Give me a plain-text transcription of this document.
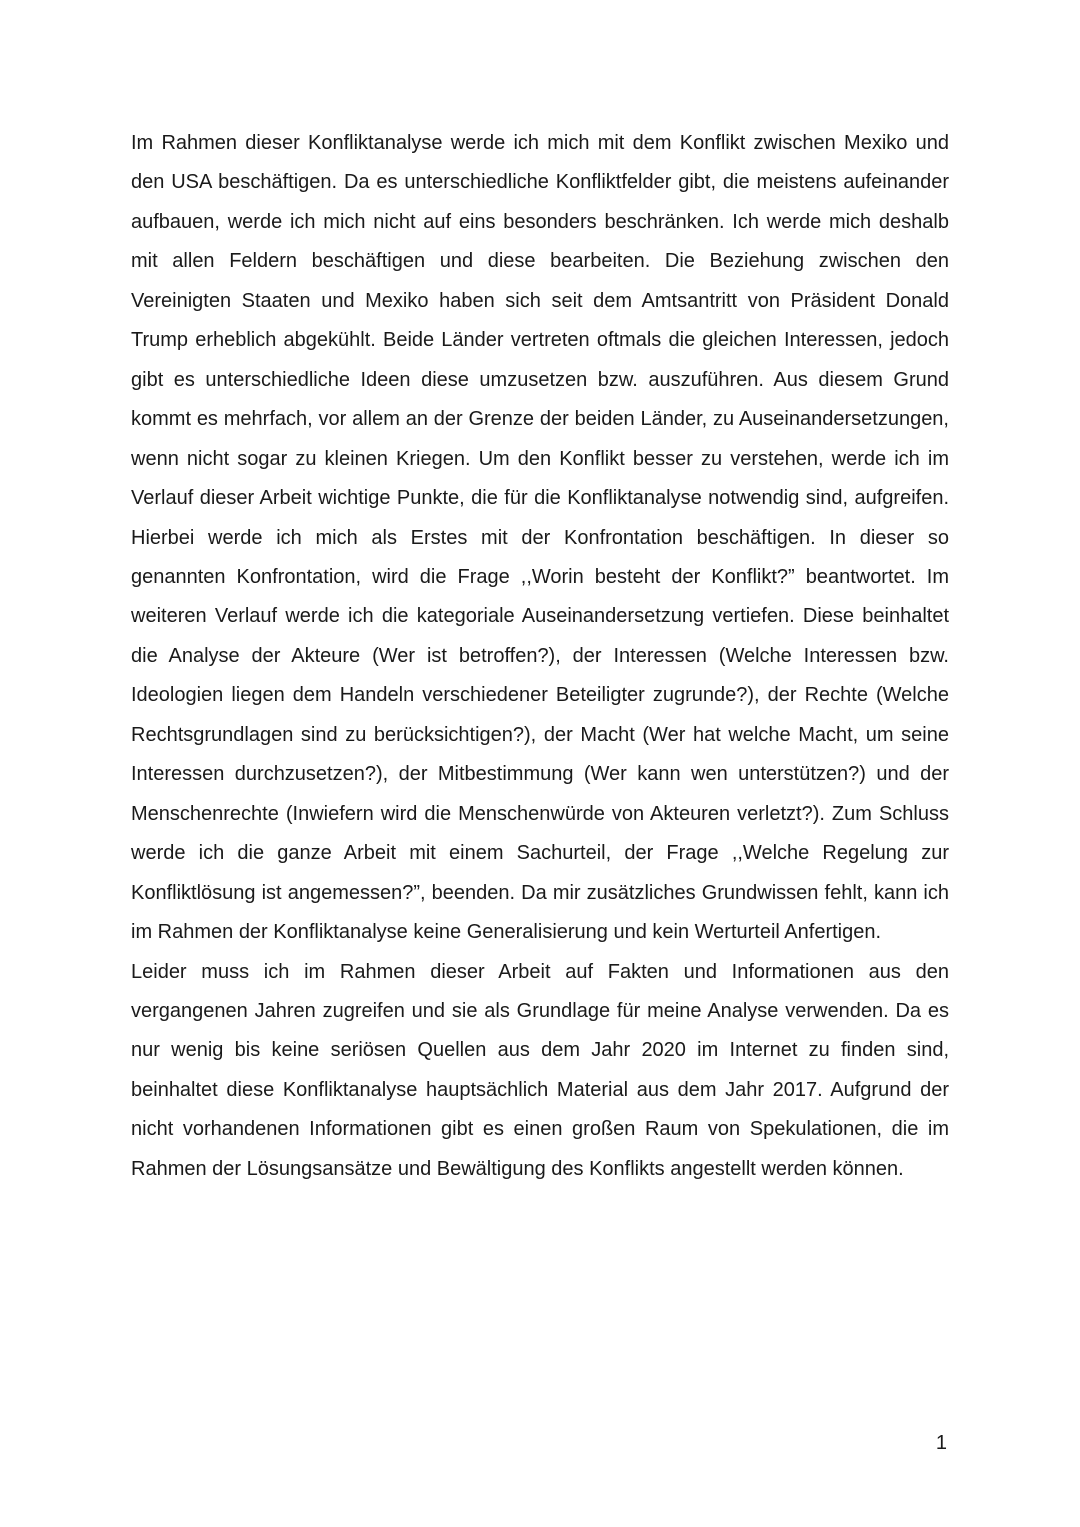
Im Rahmen dieser Konfliktanalyse werde ich mich mit dem Konflikt zwischen Mexiko und den USA beschäftigen. Da es unterschiedliche Konfliktfelder gibt, die meistens aufeinander aufbauen, werde ich mich nicht auf eins besonders beschränken. Ich werde mich deshalb mit allen Feldern beschäftigen und diese bearbeiten. Die Beziehung zwischen den Vereinigten Staaten und Mexiko haben sich seit dem Amtsantritt von Präsident Donald Trump erheblich abgekühlt. Beide Länder vertreten oftmals die gleichen Interessen, jedoch gibt es unterschiedliche Ideen diese umzusetzen bzw. auszuführen. Aus diesem Grund kommt es mehrfach, vor allem an der Grenze der beiden Länder, zu Auseinandersetzungen, wenn nicht sogar zu kleinen Kriegen. Um den Konflikt besser zu verstehen, werde ich im Verlauf dieser Arbeit wichtige Punkte, die für die Konfliktanalyse notwendig sind, aufgreifen. Hierbei werde ich mich als Erstes mit der Konfrontation beschäftigen. In dieser so genannten Konfrontation, wird die Frage ,,Worin besteht der Konflikt?” beantwortet. Im weiteren Verlauf werde ich die kategoriale Auseinandersetzung vertiefen. Diese beinhaltet die Analyse der Akteure (Wer ist betroffen?), der Interessen (Welche Interessen bzw. Ideologien liegen dem Handeln verschiedener Beteiligter zugrunde?), der Rechte (Welche Rechtsgrundlagen sind zu berücksichtigen?), der Macht (Wer hat welche Macht, um seine Interessen durchzusetzen?), der Mitbestimmung (Wer kann wen unterstützen?) und der Menschenrechte (Inwiefern wird die Menschenwürde von Akteuren verletzt?). Zum Schluss werde ich die ganze Arbeit mit einem Sachurteil, der Frage ,,Welche Regelung zur Konfliktlösung ist angemessen?”, beenden. Da mir zusätzliches Grundwissen fehlt, kann ich im Rahmen der Konfliktanalyse keine Generalisierung und kein Werturteil Anfertigen.

Leider muss ich im Rahmen dieser Arbeit auf Fakten und Informationen aus den vergangenen Jahren zugreifen und sie als Grundlage für meine Analyse verwenden. Da es nur wenig bis keine seriösen Quellen aus dem Jahr 2020 im Internet zu finden sind, beinhaltet diese Konfliktanalyse hauptsächlich Material aus dem Jahr 2017. Aufgrund der nicht vorhandenen Informationen gibt es einen großen Raum von Spekulationen, die im Rahmen der Lösungsansätze und Bewältigung des Konflikts angestellt werden können.

1
